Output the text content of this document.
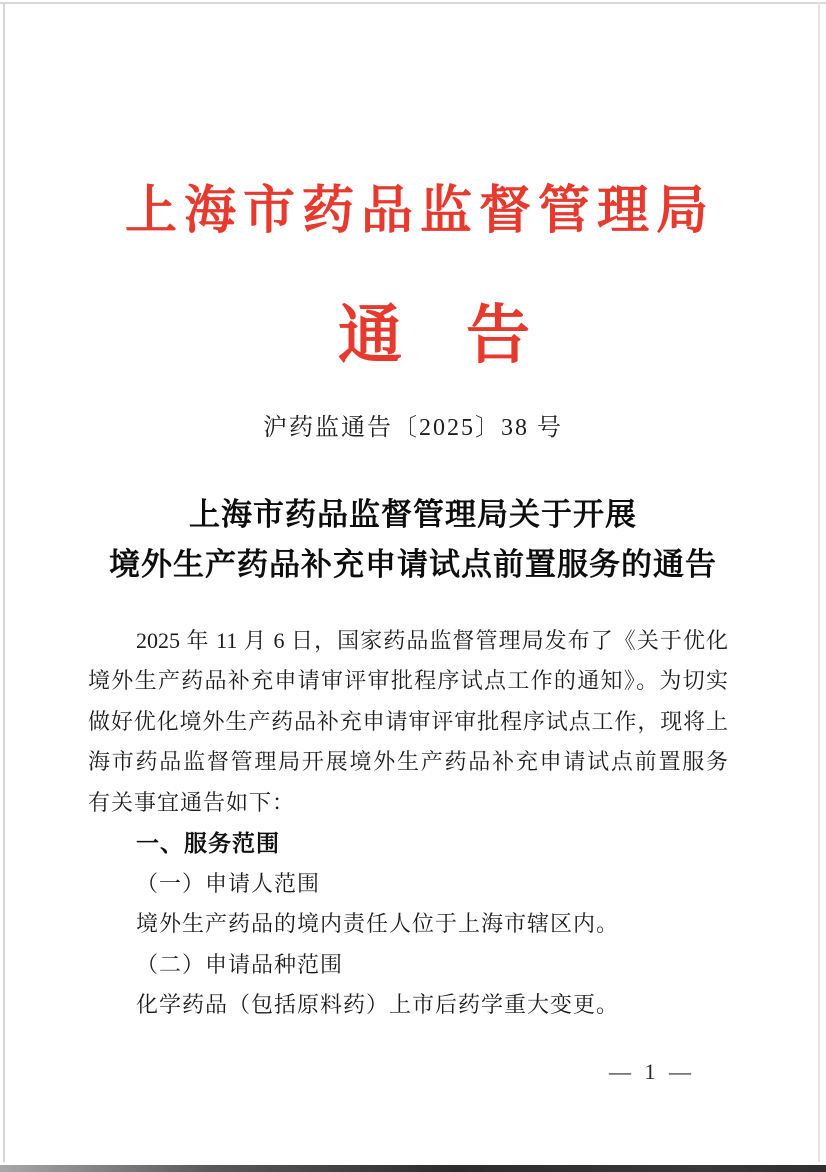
上海市药品监督管理局
通 告
沪药监通告〔2025〕38 号
上海市药品监督管理局关于开展
境外生产药品补充申请试点前置服务的通告
2025 年 11 月 6 日，国家药品监督管理局发布了《关于优化
境外生产药品补充申请审评审批程序试点工作的通知》。为切实
做好优化境外生产药品补充申请审评审批程序试点工作，现将上
海市药品监督管理局开展境外生产药品补充申请试点前置服务
有关事宜通告如下：
一、服务范围
（一）申请人范围
境外生产药品的境内责任人位于上海市辖区内。
（二）申请品种范围
化学药品（包括原料药）上市后药学重大变更。
— 1 —
